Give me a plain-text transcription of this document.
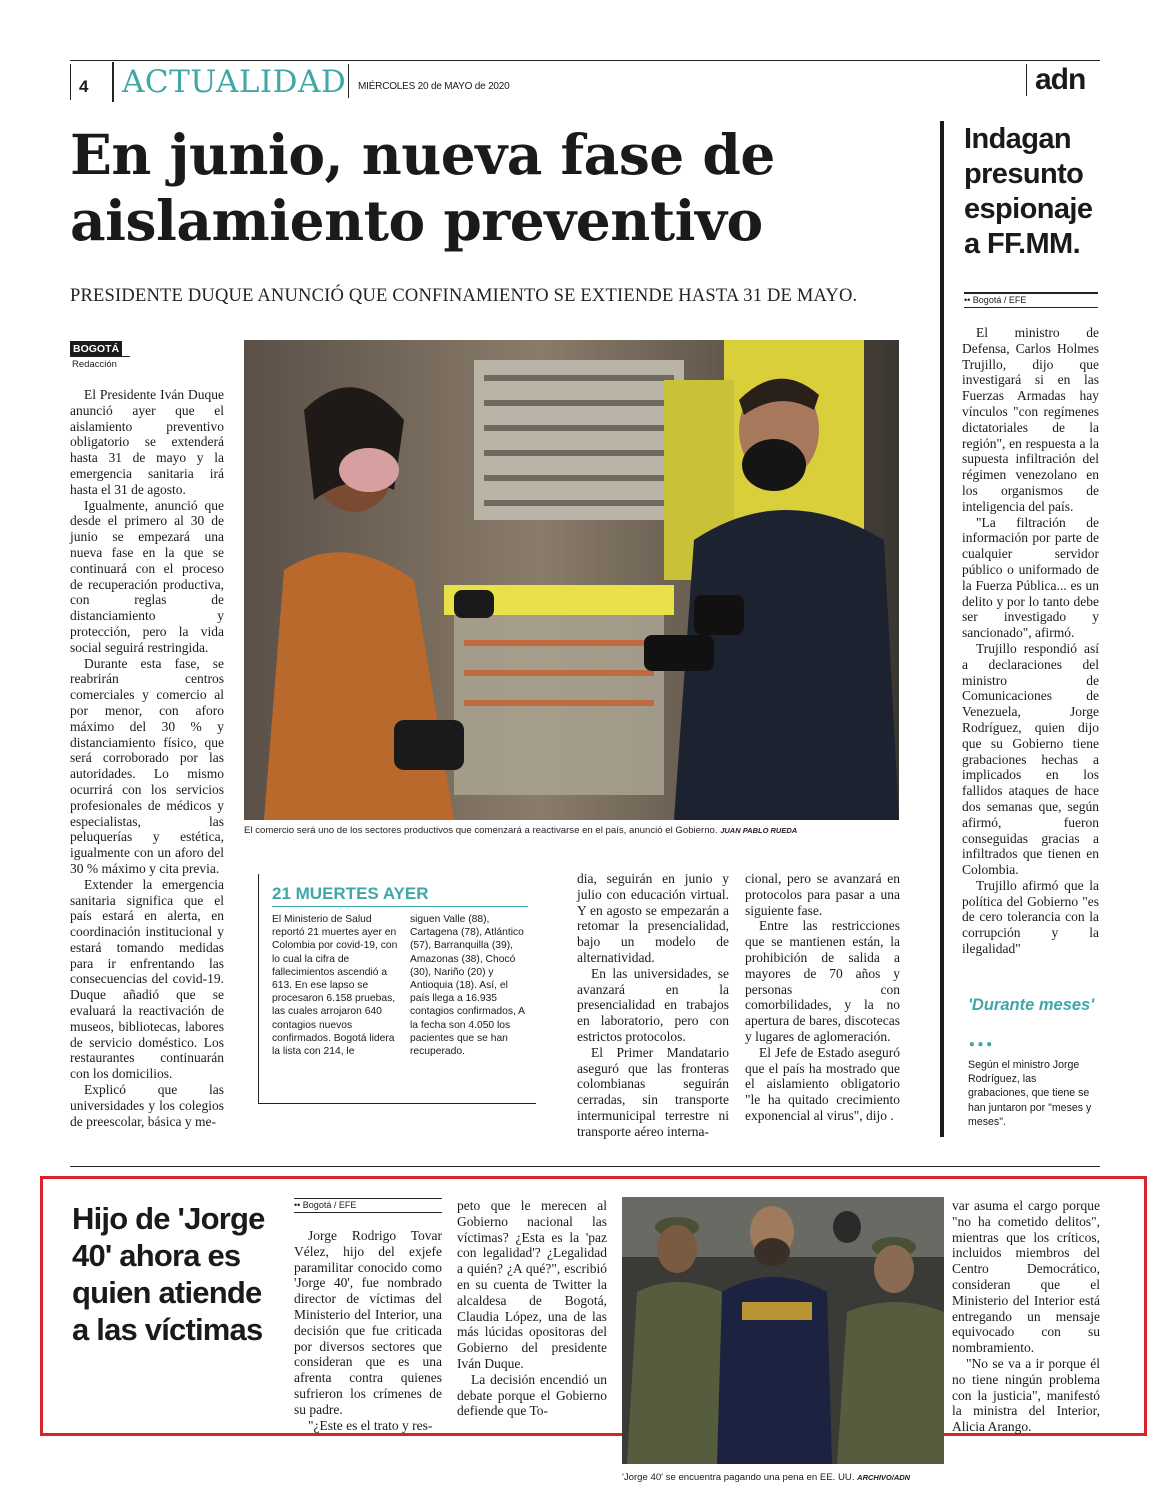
4	ACTUALIDAD MIÉRCOLES 20 de MAYO de 2020	adn
En junio, nueva fase de aislamiento preventivo
PRESIDENTE DUQUE ANUNCIÓ QUE CONFINAMIENTO SE EXTIENDE HASTA 31 DE MAYO.
BOGOTÁ
Redacción

El Presidente Iván Duque anunció ayer que el aislamiento preventivo obligatorio se extenderá hasta 31 de mayo y la emergencia sanitaria irá hasta el 31 de agosto.

Igualmente, anunció que desde el primero al 30 de junio se empezará una nueva fase en la que se continuará con el proceso de recuperación productiva, con reglas de distanciamiento y protección, pero la vida social seguirá restringida.

Durante esta fase, se reabrirán centros comerciales y comercio al por menor, con aforo máximo del 30 % y distanciamiento físico, que será corroborado por las autoridades. Lo mismo ocurrirá con los servicios profesionales de médicos y especialistas, las peluquerías y estética, igualmente con un aforo del 30 % máximo y cita previa.

Extender la emergencia sanitaria significa que el país estará en alerta, en coordinación institucional y estará tomando medidas para ir enfrentando las consecuencias del covid-19. Duque añadió que se evaluará la reactivación de museos, bibliotecas, labores de servicio doméstico. Los restaurantes continuarán con los domicilios.

Explicó que las universidades y los colegios de preescolar, básica y me-

El comercio será uno de los sectores productivos que comenzará a reactivarse en el país, anunció el Gobierno. JUAN PABLO RUEDA
21 MUERTES AYER
El Ministerio de Salud reportó 21 muertes ayer en Colombia por covid-19, con lo cual la cifra de fallecimientos ascendió a 613. En ese lapso se procesaron 6.158 pruebas, las cuales arrojaron 640 contagios nuevos confirmados. Bogotá lidera la lista con 214, le
siguen Valle (88), Cartagena (78), Atlántico (57), Barranquilla (39), Amazonas (38), Chocó (30), Nariño (20) y Antioquia (18). Así, el país llega a 16.935 contagios confirmados, A la fecha son 4.050 los pacientes que se han recuperado.

dia, seguirán en junio y julio con educación virtual. Y en agosto se empezarán a retomar la presencialidad, bajo un modelo de alternatividad.

En las universidades, se avanzará en la presencialidad en trabajos en laboratorio, pero con estrictos protocolos.

El Primer Mandatario aseguró que las fronteras colombianas seguirán cerradas, sin transporte intermunicipal terrestre ni transporte aéreo interna-

cional, pero se avanzará en protocolos para pasar a una siguiente fase.

Entre las restricciones que se mantienen están, la prohibición de salida a mayores de 70 años y personas con comorbilidades, y la no apertura de bares, discotecas y lugares de aglomeración.

El Jefe de Estado aseguró que el país ha mostrado que el aislamiento obligatorio "le ha quitado crecimiento exponencial al virus", dijo .

Indagan presunto espionaje a FF.MM.
•• Bogotá / EFE

El ministro de Defensa, Carlos Holmes Trujillo, dijo que investigará si en las Fuerzas Armadas hay vínculos "con regímenes dictatoriales de la región", en respuesta a la supuesta infiltración del régimen venezolano en los organismos de inteligencia del país.

"La filtración de información por parte de cualquier servidor público o uniformado de la Fuerza Pública... es un delito y por lo tanto debe ser investigado y sancionado", afirmó.

Trujillo respondió así a declaraciones del ministro de Comunicaciones de Venezuela, Jorge Rodríguez, quien dijo que su Gobierno tiene grabaciones hechas a implicados en los fallidos ataques de hace dos semanas que, según afirmó, fueron conseguidas gracias a infiltrados que tienen en Colombia.

Trujillo afirmó que la política del Gobierno "es de cero tolerancia con la corrupción y la ilegalidad"

'Durante meses'
•••
Según el ministro Jorge Rodríguez, las grabaciones, que tiene se han juntaron por "meses y meses".
Hijo de 'Jorge 40' ahora es quien atiende a las víctimas
•• Bogotá / EFE

Jorge Rodrigo Tovar Vélez, hijo del exjefe paramilitar conocido como 'Jorge 40', fue nombrado director de víctimas del Ministerio del Interior, una decisión que fue criticada por diversos sectores que consideran que es una afrenta contra quienes sufrieron los crímenes de su padre.

"¿Este es el trato y res-

peto que le merecen al Gobierno nacional las víctimas? ¿Esta es la 'paz con legalidad'? ¿Legalidad a quién? ¿A qué?", escribió en su cuenta de Twitter la alcaldesa de Bogotá, Claudia López, una de las más lúcidas opositoras del Gobierno del presidente Iván Duque.

La decisión encendió un debate porque el Gobierno defiende que To-

'Jorge 40' se encuentra pagando una pena en EE. UU. ARCHIVO/ADN

var asuma el cargo porque "no ha cometido delitos", mientras que los críticos, incluidos miembros del Centro Democrático, consideran que el Ministerio del Interior está entregando un mensaje equivocado con su nombramiento.

"No se va a ir porque él no tiene ningún problema con la justicia", manifestó la ministra del Interior, Alicia Arango.
